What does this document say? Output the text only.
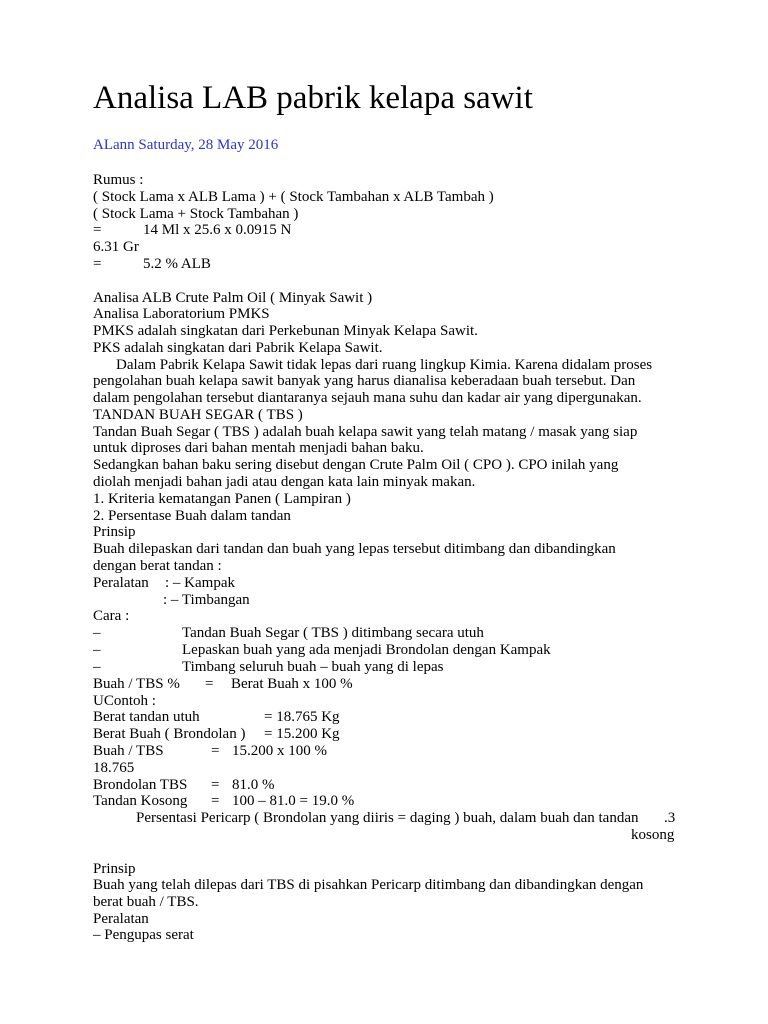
Analisa LAB pabrik kelapa sawit
ALann Saturday, 28 May 2016
Rumus :
( Stock Lama x ALB Lama ) + ( Stock Tambahan x ALB Tambah )
( Stock Lama + Stock Tambahan )
=	14 Ml x 25.6 x 0.0915 N
6.31 Gr
=	5.2 % ALB
Analisa ALB Crute Palm Oil ( Minyak Sawit )
Analisa Laboratorium PMKS
PMKS adalah singkatan dari Perkebunan Minyak Kelapa Sawit.
PKS adalah singkatan dari Pabrik Kelapa Sawit.
Dalam Pabrik Kelapa Sawit tidak lepas dari ruang lingkup Kimia. Karena didalam proses
pengolahan buah kelapa sawit banyak yang harus dianalisa keberadaan buah tersebut. Dan
dalam pengolahan tersebut diantaranya sejauh mana suhu dan kadar air yang dipergunakan.
TANDAN BUAH SEGAR ( TBS )
Tandan Buah Segar ( TBS ) adalah buah kelapa sawit yang telah matang / masak yang siap
untuk diproses dari bahan mentah menjadi bahan baku.
Sedangkan bahan baku sering disebut dengan Crute Palm Oil ( CPO ). CPO inilah yang
diolah menjadi bahan jadi atau dengan kata lain minyak makan.
1. Kriteria kematangan Panen ( Lampiran )
2. Persentase Buah dalam tandan
Prinsip
Buah dilepaskan dari tandan dan buah yang lepas tersebut ditimbang dan dibandingkan
dengan berat tandan :
Peralatan : – Kampak
: – Timbangan
Cara :
–	Tandan Buah Segar ( TBS ) ditimbang secara utuh
–	Lepaskan buah yang ada menjadi Brondolan dengan Kampak
–	Timbang seluruh buah – buah yang di lepas
Buah / TBS % = Berat Buah x 100 %
UContoh :
Berat tandan utuh	= 18.765 Kg
Berat Buah ( Brondolan ) = 15.200 Kg
Buah / TBS	= 15.200 x 100 %
18.765
Brondolan TBS = 81.0 %
Tandan Kosong = 100 – 81.0 = 19.0 %
Persentasi Pericarp ( Brondolan yang diiris = daging ) buah, dalam buah dan tandan .3
kosong
Prinsip
Buah yang telah dilepas dari TBS di pisahkan Pericarp ditimbang dan dibandingkan dengan
berat buah / TBS.
Peralatan
– Pengupas serat
